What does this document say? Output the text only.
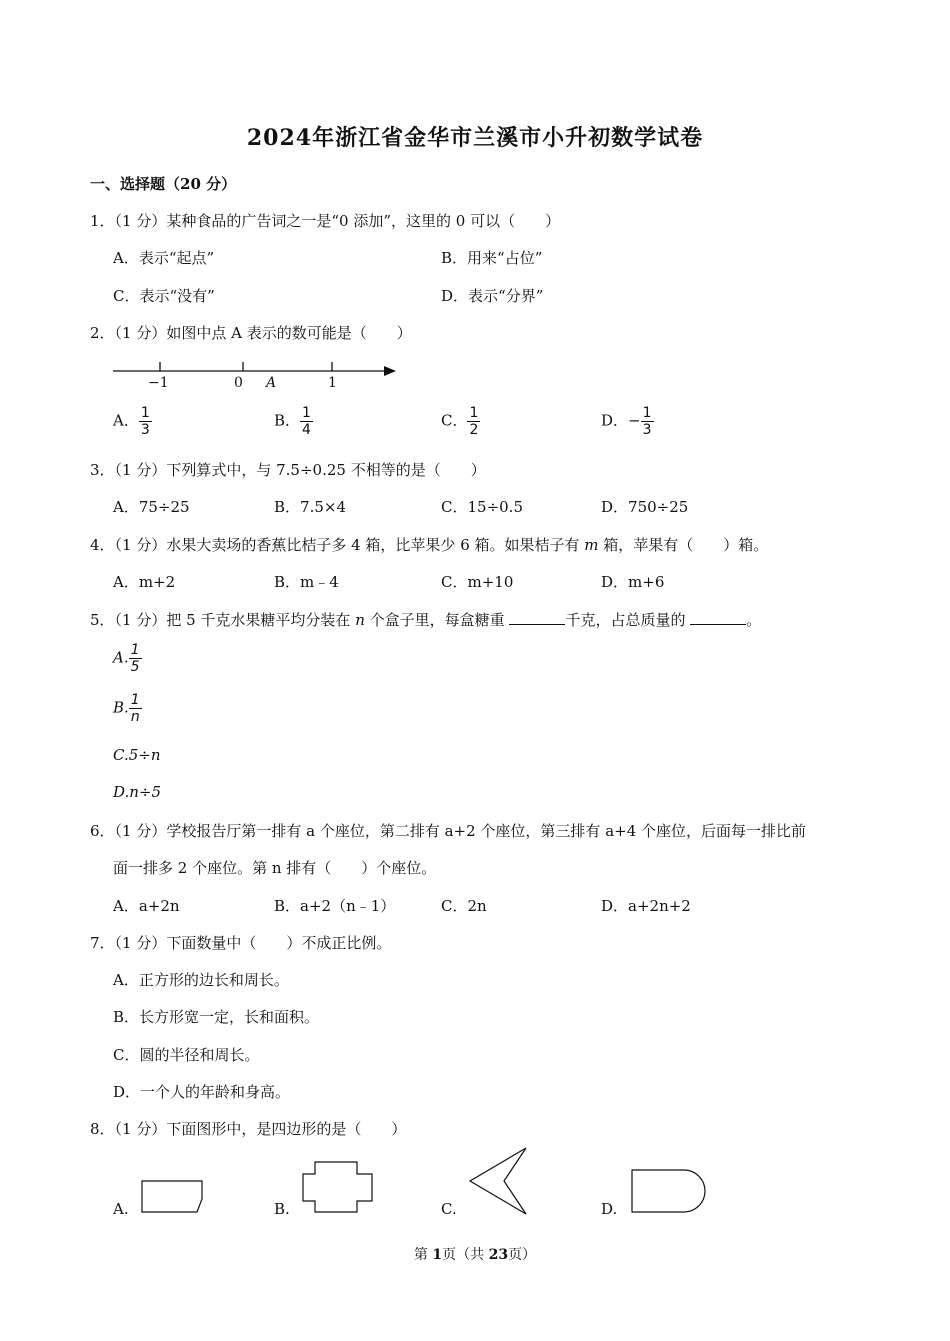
2024年浙江省金华市兰溪市小升初数学试卷
一、选择题（20 分）
1．（1 分）某种食品的广告词之一是“0 添加”，这里的 0 可以（　　）
A．表示“起点”	B．用来“占位”
C．表示“没有”	D．表示“分界”
2．（1 分）如图中点 A 表示的数可能是（　　）
−1	0 A	1
A． $\frac{1}{3}$	B． $\frac{1}{4}$	C． $\frac{1}{2}$	D．− $\frac{1}{3}$
3．（1 分）下列算式中，与 7.5÷0.25 不相等的是（　　）
A．75÷25	B．7.5×4	C．15÷0.5	D．750÷25
4．（1 分）水果大卖场的香蕉比桔子多 4 箱，比苹果少 6 箱。如果桔子有 m 箱，苹果有（　　）箱。
A．m+2	B．m﹣4	C．m+10	D．m+6
5．（1 分）把 5 千克水果糖平均分装在 n 个盒子里，每盒糖重	千克，占总质量的	。
A. $\frac{1}{5}$
B. $\frac{1}{n}$
C.5÷n
D.n÷5
6．（1 分）学校报告厅第一排有 a 个座位，第二排有 a+2 个座位，第三排有 a+4 个座位，后面每一排比前
面一排多 2 个座位。第 n 排有（　　）个座位。
A．a+2n	B．a+2（n﹣1）	C．2n	D．a+2n+2
7．（1 分）下面数量中（　　）不成正比例。
A．正方形的边长和周长。
B．长方形宽一定，长和面积。
C．圆的半径和周长。
D．一个人的年龄和身高。
8．（1 分）下面图形中，是四边形的是（　　）
A.	B.	C.	D.
第 1页（共 23页）
